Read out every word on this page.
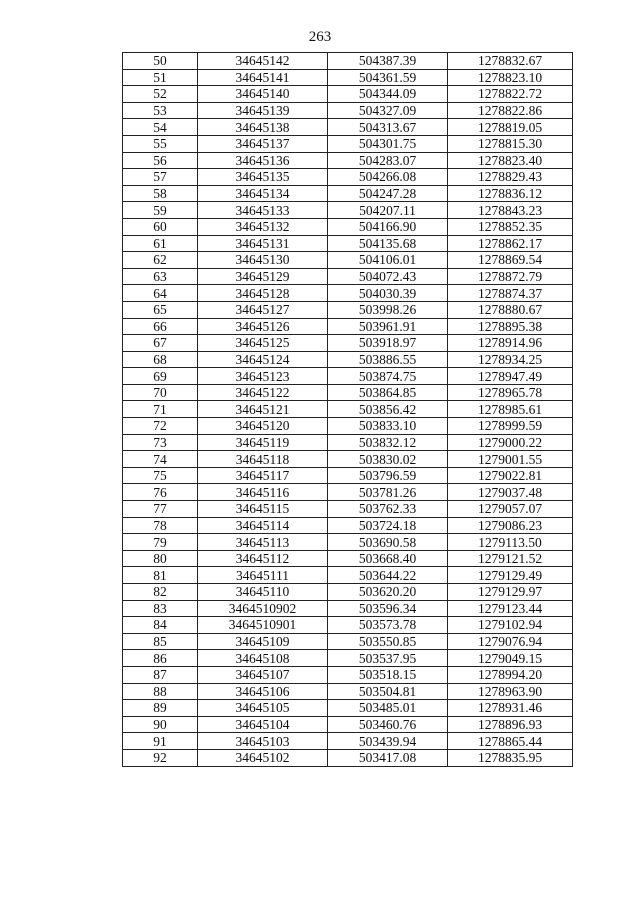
263
50	34645142	504387.39	1278832.67
51	34645141	504361.59	1278823.10
52	34645140	504344.09	1278822.72
53	34645139	504327.09	1278822.86
54	34645138	504313.67	1278819.05
55	34645137	504301.75	1278815.30
56	34645136	504283.07	1278823.40
57	34645135	504266.08	1278829.43
58	34645134	504247.28	1278836.12
59	34645133	504207.11	1278843.23
60	34645132	504166.90	1278852.35
61	34645131	504135.68	1278862.17
62	34645130	504106.01	1278869.54
63	34645129	504072.43	1278872.79
64	34645128	504030.39	1278874.37
65	34645127	503998.26	1278880.67
66	34645126	503961.91	1278895.38
67	34645125	503918.97	1278914.96
68	34645124	503886.55	1278934.25
69	34645123	503874.75	1278947.49
70	34645122	503864.85	1278965.78
71	34645121	503856.42	1278985.61
72	34645120	503833.10	1278999.59
73	34645119	503832.12	1279000.22
74	34645118	503830.02	1279001.55
75	34645117	503796.59	1279022.81
76	34645116	503781.26	1279037.48
77	34645115	503762.33	1279057.07
78	34645114	503724.18	1279086.23
79	34645113	503690.58	1279113.50
80	34645112	503668.40	1279121.52
81	34645111	503644.22	1279129.49
82	34645110	503620.20	1279129.97
83	3464510902	503596.34	1279123.44
84	3464510901	503573.78	1279102.94
85	34645109	503550.85	1279076.94
86	34645108	503537.95	1279049.15
87	34645107	503518.15	1278994.20
88	34645106	503504.81	1278963.90
89	34645105	503485.01	1278931.46
90	34645104	503460.76	1278896.93
91	34645103	503439.94	1278865.44
92	34645102	503417.08	1278835.95
